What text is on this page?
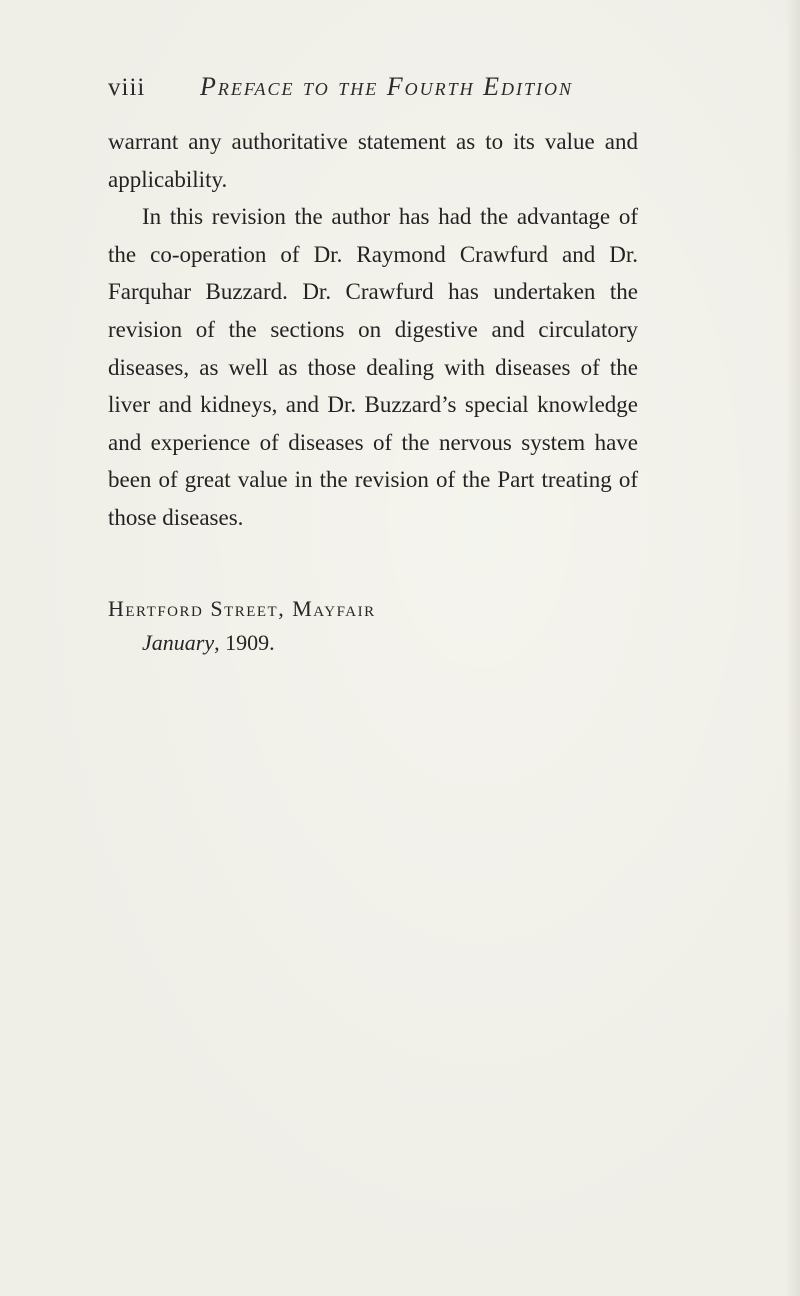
viii Preface to the Fourth Edition

warrant any authoritative statement as to its value and applicability.

In this revision the author has had the advantage of the co-operation of Dr. Raymond Crawfurd and Dr. Farquhar Buzzard. Dr. Crawfurd has undertaken the revision of the sections on digestive and circulatory diseases, as well as those dealing with diseases of the liver and kidneys, and Dr. Buzzard’s special knowledge and experience of diseases of the nervous system have been of great value in the revision of the Part treating of those diseases.

Hertford Street, Mayfair
January, 1909.
